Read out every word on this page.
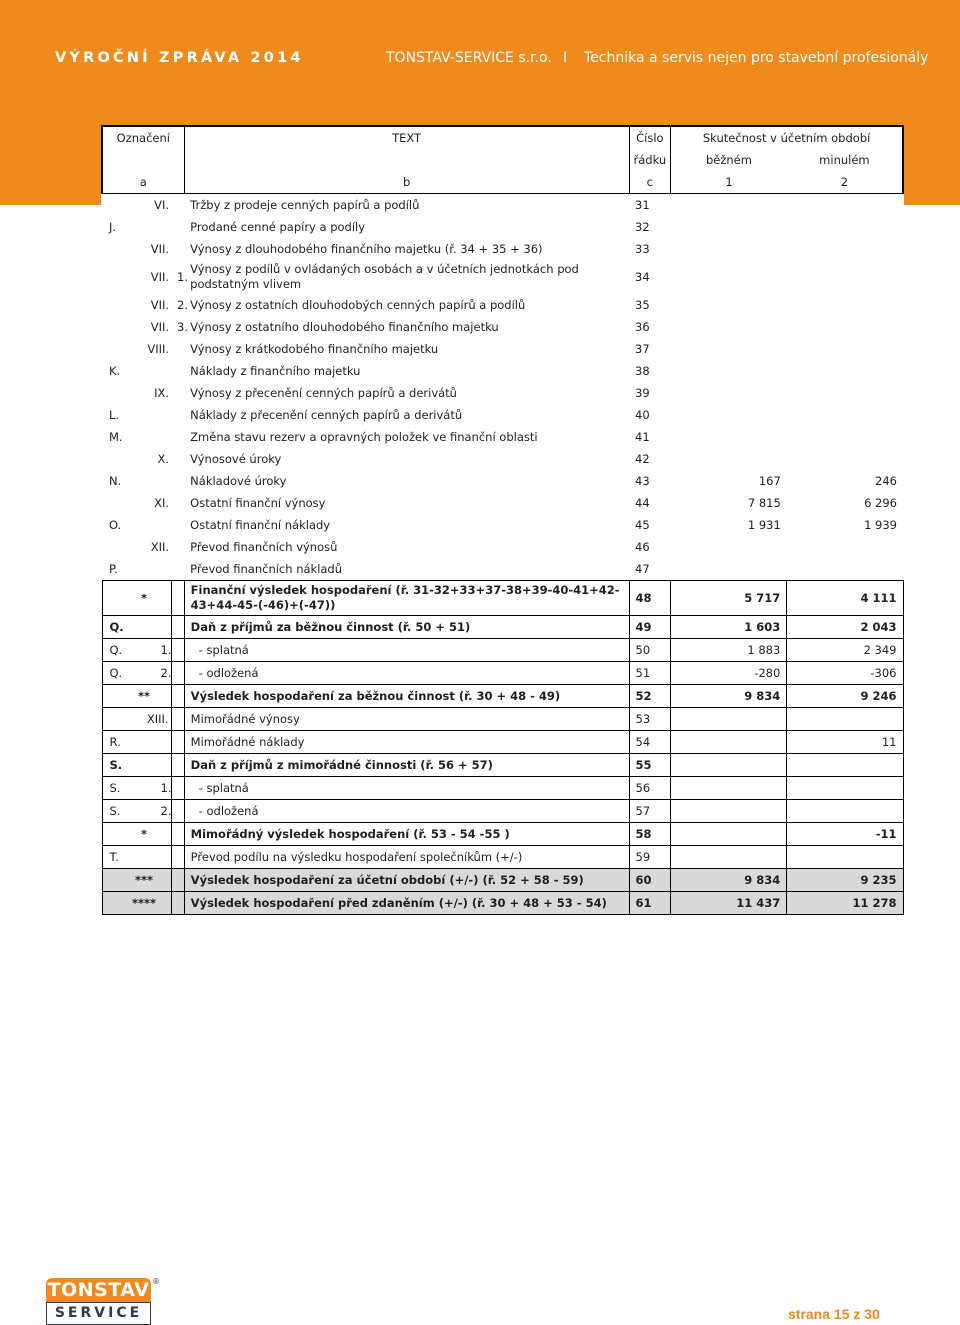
VÝROČNÍ ZPRÁVA 2014	TONSTAV-SERVICE s.r.o. I Technika a servis nejen pro stavební profesionály
Označení		TEXT	Číslo	Skutečnost v účetním období	
			řádku	běžném	minulém
a		b	c	1	2

VI.		Tržby z prodeje cenných papírů a podílů	31		

J.		Prodané cenné papíry a podíly	32		

VII.		Výnosy z dlouhodobého finančního majetku (ř. 34 + 35 + 36)	33		

VII.	1.	Výnosy z podílů v ovládaných osobách a v účetních jednotkách pod podstatným vlivem	34		

VII.	2.	Výnosy z ostatních dlouhodobých cenných papírů a podílů	35		

VII.	3.	Výnosy z ostatního dlouhodobého finančního majetku	36		

VIII.		Výnosy z krátkodobého finančního majetku	37		

K.		Náklady z finančního majetku	38		

IX.		Výnosy z přecenění cenných papírů a derivátů	39		

L.		Náklady z přecenění cenných papírů a derivátů	40		

M.		Změna stavu rezerv a opravných položek ve finanční oblasti	41		

X.		Výnosové úroky	42		

N.		Nákladové úroky	43	167	246

XI.		Ostatní finanční výnosy	44	7 815	6 296

O.		Ostatní finanční náklady	45	1 931	1 939

XII.		Převod finančních výnosů	46		

P.		Převod finančních nákladů	47		

*		Finanční výsledek hospodaření (ř. 31-32+33+37-38+39-40-41+42-43+44-45-(-46)+(-47))	48	5 717	4 111

Q.		Daň z příjmů za běžnou činnost (ř. 50 + 51)	49	1 603	2 043

Q. 1.		- splatná	50	1 883	2 349

Q. 2.		- odložená	51	-280	-306

**		Výsledek hospodaření za běžnou činnost (ř. 30 + 48 - 49)	52	9 834	9 246

XIII.		Mimořádné výnosy	53		

R.		Mimořádné náklady	54		11

S.		Daň z příjmů z mimořádné činnosti (ř. 56 + 57)	55		

S. 1.		- splatná	56		

S. 2.		- odložená	57		

*		Mimořádný výsledek hospodaření (ř. 53 - 54 -55 )	58		-11

T.		Převod podílu na výsledku hospodaření společníkům (+/-)	59		

***		Výsledek hospodaření za účetní období (+/-) (ř. 52 + 58 - 59)	60	9 834	9 235

****		Výsledek hospodaření před zdaněním (+/-) (ř. 30 + 48 + 53 - 54)	61	11 437	11 278
TONSTAV
SERVICE
®
strana 15 z 30
